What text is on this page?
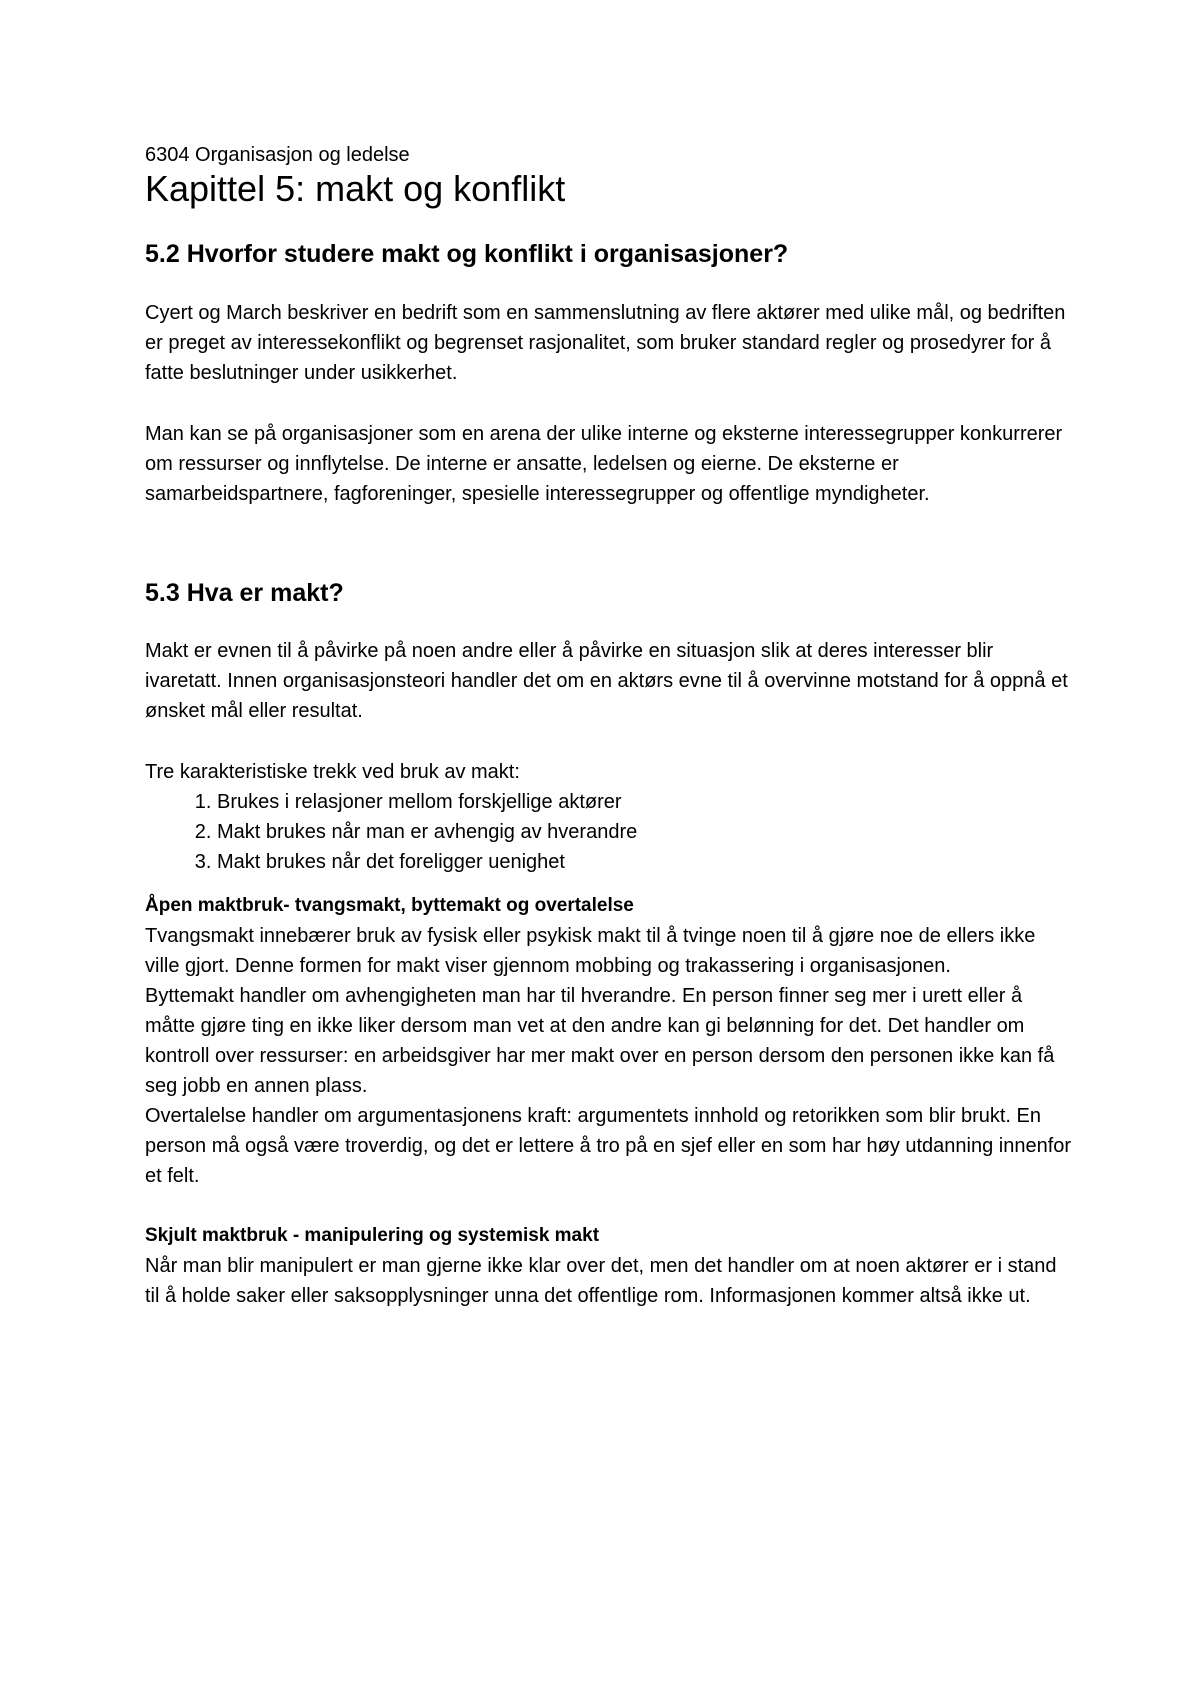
6304 Organisasjon og ledelse
Kapittel 5: makt og konflikt
5.2 Hvorfor studere makt og konflikt i organisasjoner?

Cyert og March beskriver en bedrift som en sammenslutning av flere aktører med ulike mål, og bedriften er preget av interessekonflikt og begrenset rasjonalitet, som bruker standard regler og prosedyrer for å fatte beslutninger under usikkerhet.

Man kan se på organisasjoner som en arena der ulike interne og eksterne interessegrupper konkurrerer om ressurser og innflytelse. De interne er ansatte, ledelsen og eierne. De eksterne er samarbeidspartnere, fagforeninger, spesielle interessegrupper og offentlige myndigheter.

5.3 Hva er makt?

Makt er evnen til å påvirke på noen andre eller å påvirke en situasjon slik at deres interesser blir ivaretatt. Innen organisasjonsteori handler det om en aktørs evne til å overvinne motstand for å oppnå et ønsket mål eller resultat.

Tre karakteristiske trekk ved bruk av makt:

1. Brukes i relasjoner mellom forskjellige aktører
2. Makt brukes når man er avhengig av hverandre
3. Makt brukes når det foreligger uenighet
Åpen maktbruk- tvangsmakt, byttemakt og overtalelse

Tvangsmakt innebærer bruk av fysisk eller psykisk makt til å tvinge noen til å gjøre noe de ellers ikke ville gjort. Denne formen for makt viser gjennom mobbing og trakassering i organisasjonen.

Byttemakt handler om avhengigheten man har til hverandre. En person finner seg mer i urett eller å måtte gjøre ting en ikke liker dersom man vet at den andre kan gi belønning for det. Det handler om kontroll over ressurser: en arbeidsgiver har mer makt over en person dersom den personen ikke kan få seg jobb en annen plass.

Overtalelse handler om argumentasjonens kraft: argumentets innhold og retorikken som blir brukt. En person må også være troverdig, og det er lettere å tro på en sjef eller en som har høy utdanning innenfor et felt.

Skjult maktbruk - manipulering og systemisk makt

Når man blir manipulert er man gjerne ikke klar over det, men det handler om at noen aktører er i stand til å holde saker eller saksopplysninger unna det offentlige rom. Informasjonen kommer altså ikke ut.
